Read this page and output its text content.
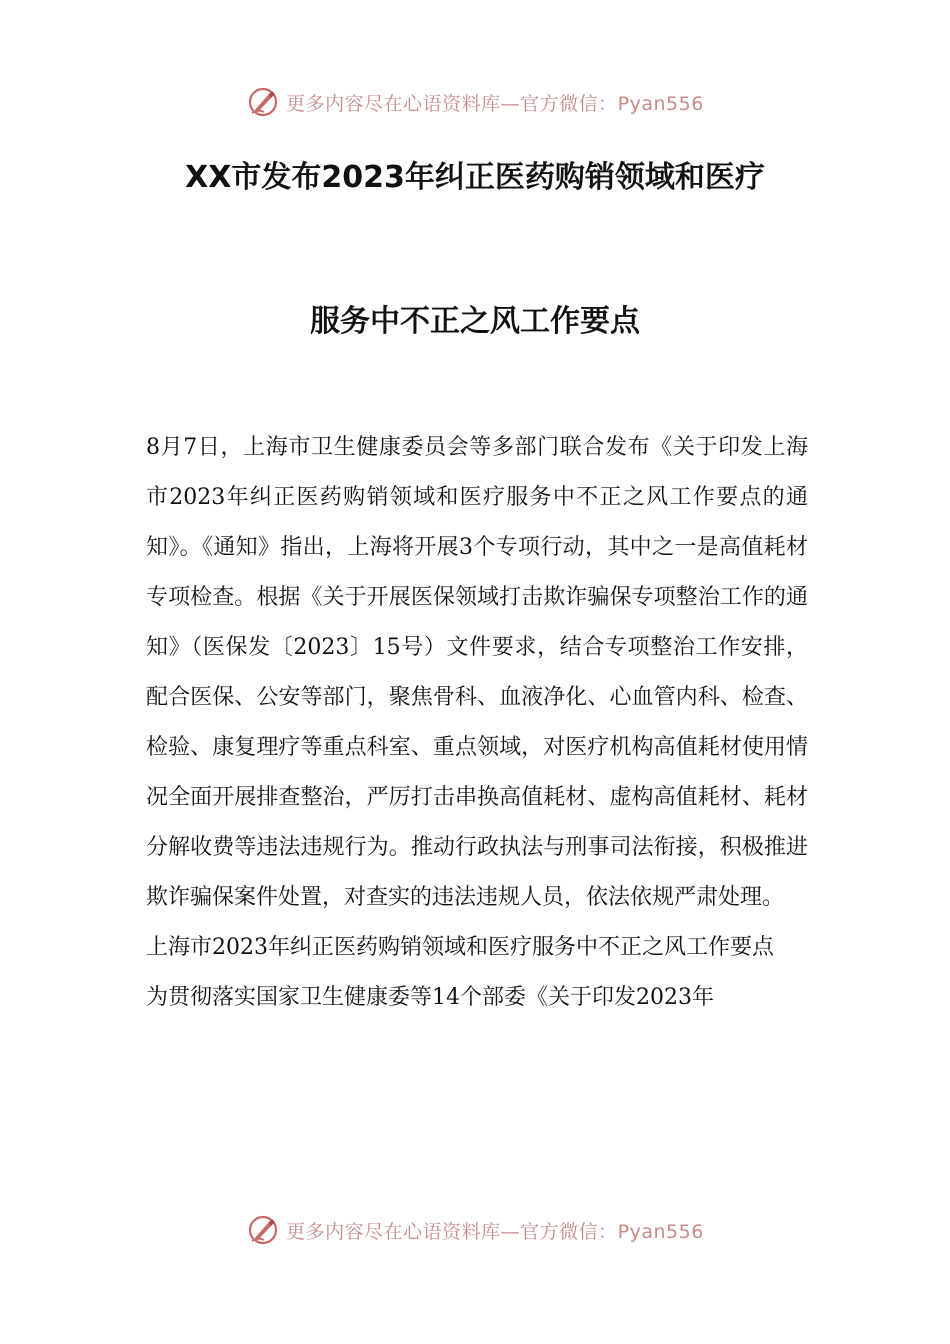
更多内容尽在心语资料库—官方微信：Pyan556
XX市发布2023年纠正医药购销领域和医疗
服务中不正之风工作要点

8月7日，上海市卫生健康委员会等多部门联合发布《关于印发上海市2023年纠正医药购销领域和医疗服务中不正之风工作要点的通知》。《通知》指出，上海将开展3个专项行动，其中之一是高值耗材专项检查。根据《关于开展医保领域打击欺诈骗保专项整治工作的通知》（医保发〔2023〕15号）文件要求，结合专项整治工作安排，配合医保、公安等部门，聚焦骨科、血液净化、心血管内科、检查、检验、康复理疗等重点科室、重点领域，对医疗机构高值耗材使用情况全面开展排查整治，严厉打击串换高值耗材、虚构高值耗材、耗材分解收费等违法违规行为。推动行政执法与刑事司法衔接，积极推进欺诈骗保案件处置，对查实的违法违规人员，依法依规严肃处理。

上海市2023年纠正医药购销领域和医疗服务中不正之风工作要点

为贯彻落实国家卫生健康委等14个部委《关于印发2023年

更多内容尽在心语资料库—官方微信：Pyan556
